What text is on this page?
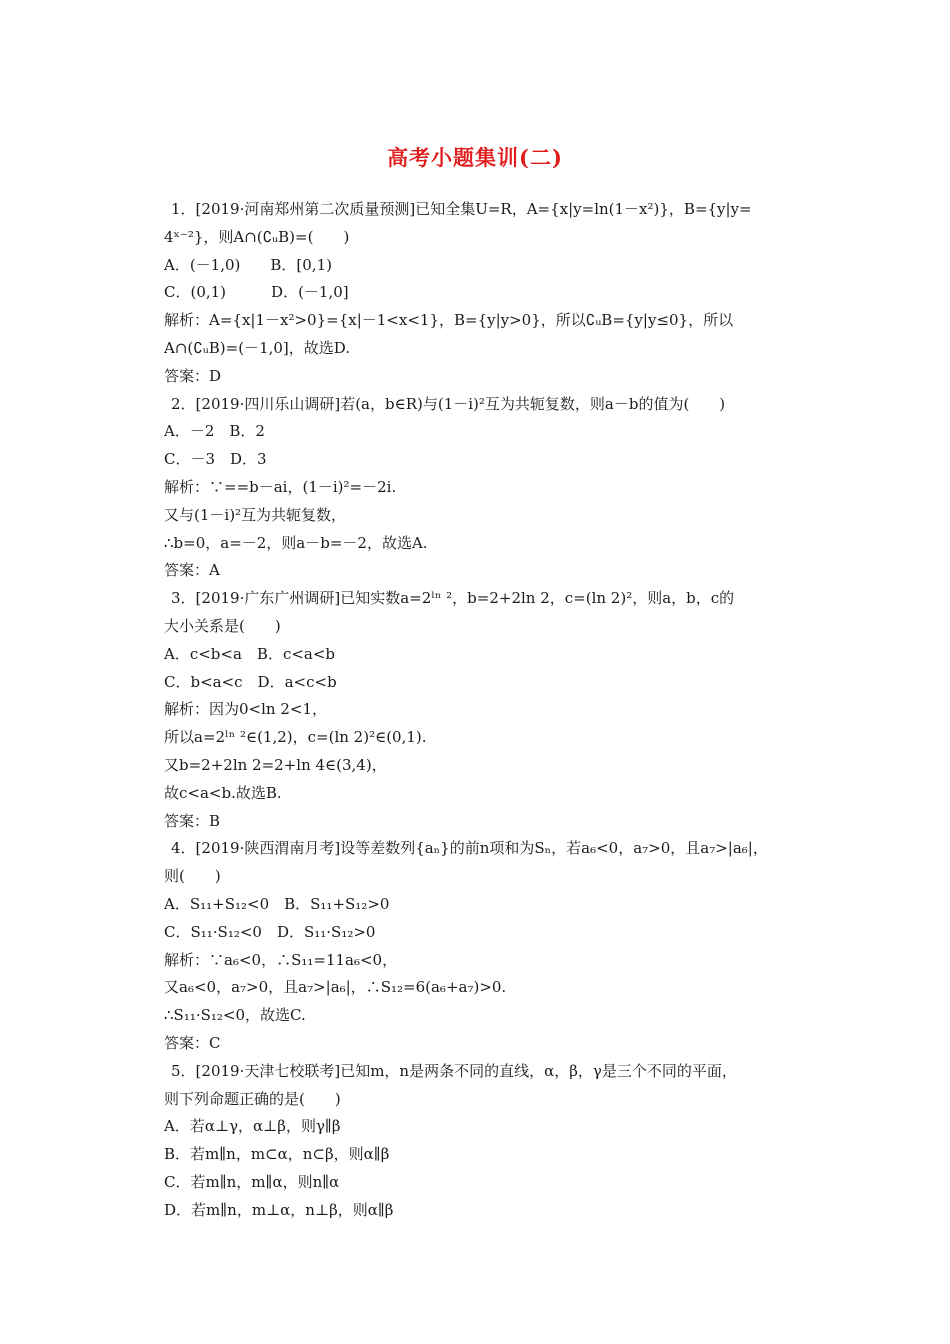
高考小题集训(二)
1．[2019·河南郑州第二次质量预测]已知全集U=R，A={x|y=ln(1－x²)}，B={y|y=
4ˣ⁻²}，则A∩(∁ᵤB)=(　　)
A．(－1,0)　　B．[0,1)
C．(0,1)　　　D．(－1,0]
解析：A={x|1－x²>0}={x|－1<x<1}，B={y|y>0}，所以∁ᵤB={y|y≤0}，所以
A∩(∁ᵤB)=(－1,0]，故选D.
答案：D
2．[2019·四川乐山调研]若(a，b∈R)与(1－i)²互为共轭复数，则a－b的值为(　　)
A．－2　B．2
C．－3　D．3
解析：∵==b－ai，(1－i)²=－2i.
又与(1－i)²互为共轭复数，
∴b=0，a=－2，则a－b=－2，故选A.
答案：A
3．[2019·广东广州调研]已知实数a=2ˡⁿ ²，b=2+2ln 2，c=(ln 2)²，则a，b，c的
大小关系是(　　)
A．c<b<a　B．c<a<b
C．b<a<c　D．a<c<b
解析：因为0<ln 2<1，
所以a=2ˡⁿ ²∈(1,2)，c=(ln 2)²∈(0,1).
又b=2+2ln 2=2+ln 4∈(3,4)，
故c<a<b.故选B.
答案：B
4．[2019·陕西渭南月考]设等差数列{aₙ}的前n项和为Sₙ，若a₆<0，a₇>0，且a₇>|a₆|，
则(　　)
A．S₁₁+S₁₂<0　B．S₁₁+S₁₂>0
C．S₁₁·S₁₂<0　D．S₁₁·S₁₂>0
解析：∵a₆<0，∴S₁₁=11a₆<0，
又a₆<0，a₇>0，且a₇>|a₆|，∴S₁₂=6(a₆+a₇)>0.
∴S₁₁·S₁₂<0，故选C.
答案：C
5．[2019·天津七校联考]已知m，n是两条不同的直线，α，β，γ是三个不同的平面，
则下列命题正确的是(　　)
A．若α⊥γ，α⊥β，则γ∥β
B．若m∥n，m⊂α，n⊂β，则α∥β
C．若m∥n，m∥α，则n∥α
D．若m∥n，m⊥α，n⊥β，则α∥β
